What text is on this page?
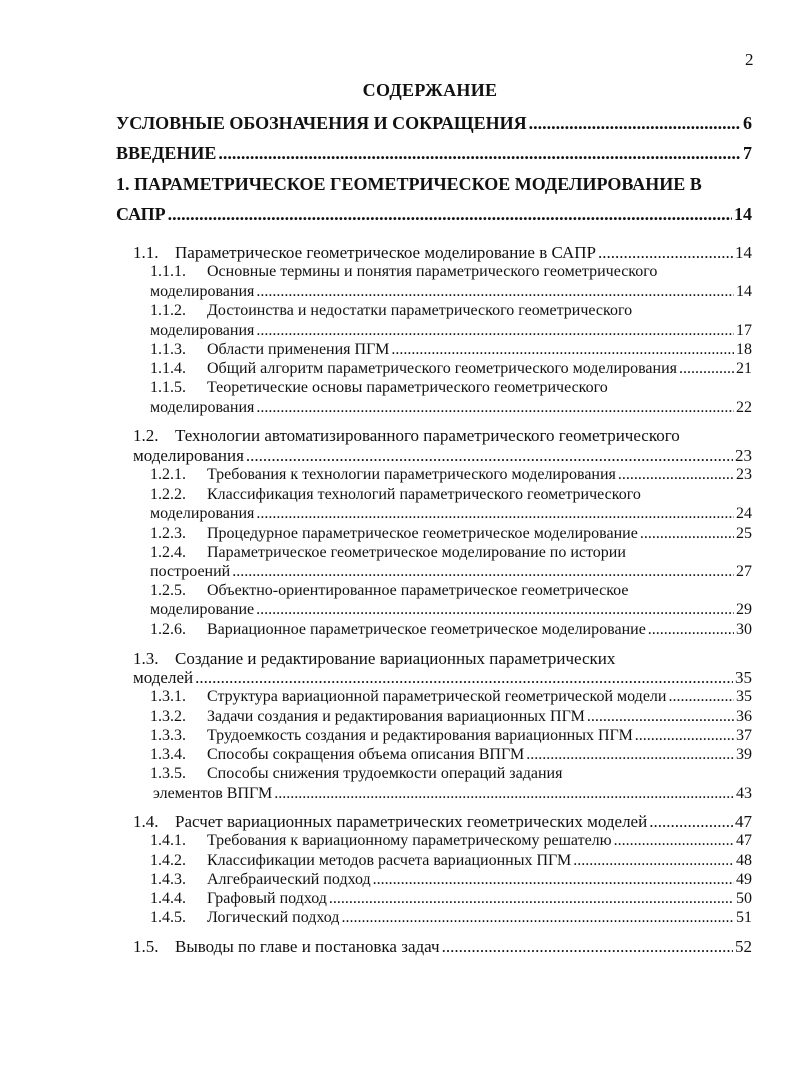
2
СОДЕРЖАНИЕ
УСЛОВНЫЕ ОБОЗНАЧЕНИЯ И СОКРАЩЕНИЯ .....	6
ВВЕДЕНИЕ .....	7
1. ПАРАМЕТРИЧЕСКОЕ ГЕОМЕТРИЧЕСКОЕ МОДЕЛИРОВАНИЕ В
САПР .....	14
1.1. Параметрическое геометрическое моделирование в САПР .....	14
1.1.1. Основные термины и понятия параметрического геометрического
моделирования .....	14
1.1.2. Достоинства и недостатки параметрического геометрического
моделирования .....	17
1.1.3. Области применения ПГМ .....	18
1.1.4. Общий алгоритм параметрического геометрического моделирования .....	21
1.1.5. Теоретические основы параметрического геометрического
моделирования .....	22
1.2. Технологии автоматизированного параметрического геометрического
моделирования .....	23
1.2.1. Требования к технологии параметрического моделирования .....	23
1.2.2. Классификация технологий параметрического геометрического
моделирования .....	24
1.2.3. Процедурное параметрическое геометрическое моделирование .....	25
1.2.4. Параметрическое геометрическое моделирование по истории
построений .....	27
1.2.5. Объектно-ориентированное параметрическое геометрическое
моделирование .....	29
1.2.6. Вариационное параметрическое геометрическое моделирование .....	30
1.3. Создание и редактирование вариационных параметрических
моделей .....	35
1.3.1. Структура вариационной параметрической геометрической модели .....	35
1.3.2. Задачи создания и редактирования вариационных ПГМ .....	36
1.3.3. Трудоемкость создания и редактирования вариационных ПГМ .....	37
1.3.4. Способы сокращения объема описания ВПГМ .....	39
1.3.5. Способы снижения трудоемкости операций задания
элементов ВПГМ .....	43
1.4. Расчет вариационных параметрических геометрических моделей .....	47
1.4.1. Требования к вариационному параметрическому решателю .....	47
1.4.2. Классификации методов расчета вариационных ПГМ .....	48
1.4.3. Алгебраический подход .....	49
1.4.4. Графовый подход .....	50
1.4.5. Логический подход .....	51
1.5. Выводы по главе и постановка задач .....	52
